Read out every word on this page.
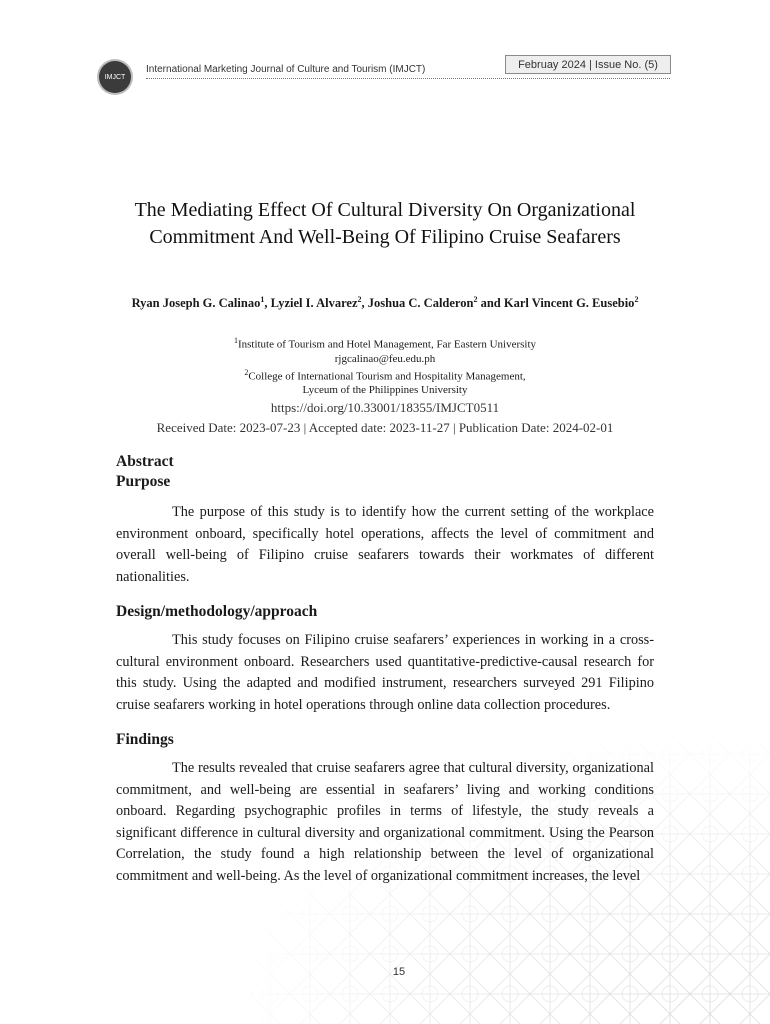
IMJCT
International Marketing Journal of Culture and Tourism (IMJCT)	Februay 2024 | Issue No. (5)
The Mediating Effect Of Cultural Diversity On Organizational Commitment And Well-Being Of Filipino Cruise Seafarers
Ryan Joseph G. Calinao$^1$, Lyziel I. Alvarez$^2$, Joshua C. Calderon$^2$ and Karl Vincent G. Eusebio$^2$
$^1$Institute of Tourism and Hotel Management, Far Eastern University
rjgcalinao@feu.edu.ph
$^2$College of International Tourism and Hospitality Management,
Lyceum of the Philippines University
https://doi.org/10.33001/18355/IMJCT0511
Received Date: 2023-07-23 | Accepted date: 2023-11-27 | Publication Date: 2024-02-01
Abstract
Purpose

The purpose of this study is to identify how the current setting of the workplace environment onboard, specifically hotel operations, affects the level of commitment and overall well-being of Filipino cruise seafarers towards their workmates of different nationalities.

Design/methodology/approach

This study focuses on Filipino cruise seafarers’ experiences in working in a cross-cultural environment onboard. Researchers used quantitative-predictive-causal research for this study. Using the adapted and modified instrument, researchers surveyed 291 Filipino cruise seafarers working in hotel operations through online data collection procedures.

Findings

The results revealed that cruise seafarers agree that cultural diversity, organizational commitment, and well-being are essential in seafarers’ living and working conditions onboard. Regarding psychographic profiles in terms of lifestyle, the study reveals a significant difference in cultural diversity and organizational commitment. Using the Pearson Correlation, the study found a high relationship between the level of organizational commitment and well-being. As the level of organizational commitment increases, the level

15
